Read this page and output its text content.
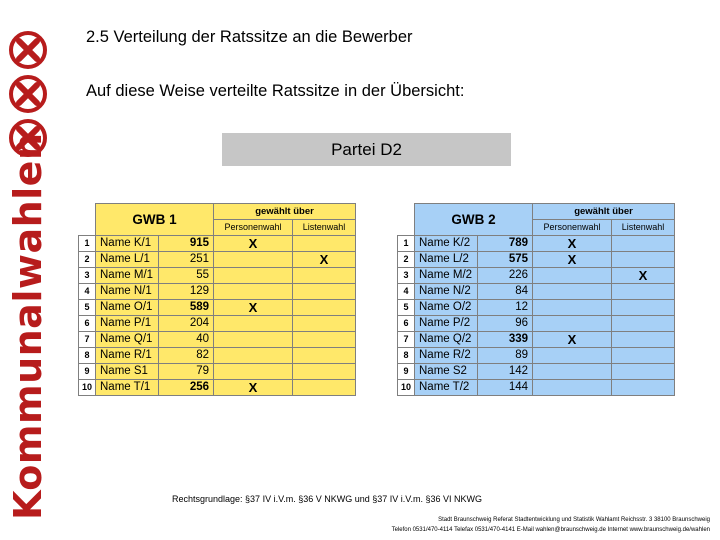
Kommunalwahlen
2.5 Verteilung der Ratssitze an die Bewerber
Auf diese Weise verteilte Ratssitze in der Übersicht:
Partei D2
	GWB 1		gewählt über	
			Personenwahl	Listenwahl
1	Name K/1	915	X	
2	Name L/1	251		X
3	Name M/1	55		
4	Name N/1	129		
5	Name O/1	589	X	
6	Name P/1	204		
7	Name Q/1	40		
8	Name R/1	82		
9	Name S1	79		
10	Name T/1	256	X	
	GWB 2		gewählt über	
			Personenwahl	Listenwahl
1	Name K/2	789	X	
2	Name L/2	575	X	
3	Name M/2	226		X
4	Name N/2	84		
5	Name O/2	12		
6	Name P/2	96		
7	Name Q/2	339	X	
8	Name R/2	89		
9	Name S2	142		
10	Name T/2	144		
Rechtsgrundlage: §37 IV i.V.m. §36 V NKWG und §37 IV i.V.m. §36 VI NKWG
Stadt Braunschweig Referat Stadtentwicklung und Statistik Wahlamt Reichsstr. 3 38100 Braunschweig
Telefon 0531/470-4114 Telefax 0531/470-4141 E-Mail wahlen@braunschweig.de Internet www.braunschweig.de/wahlen
